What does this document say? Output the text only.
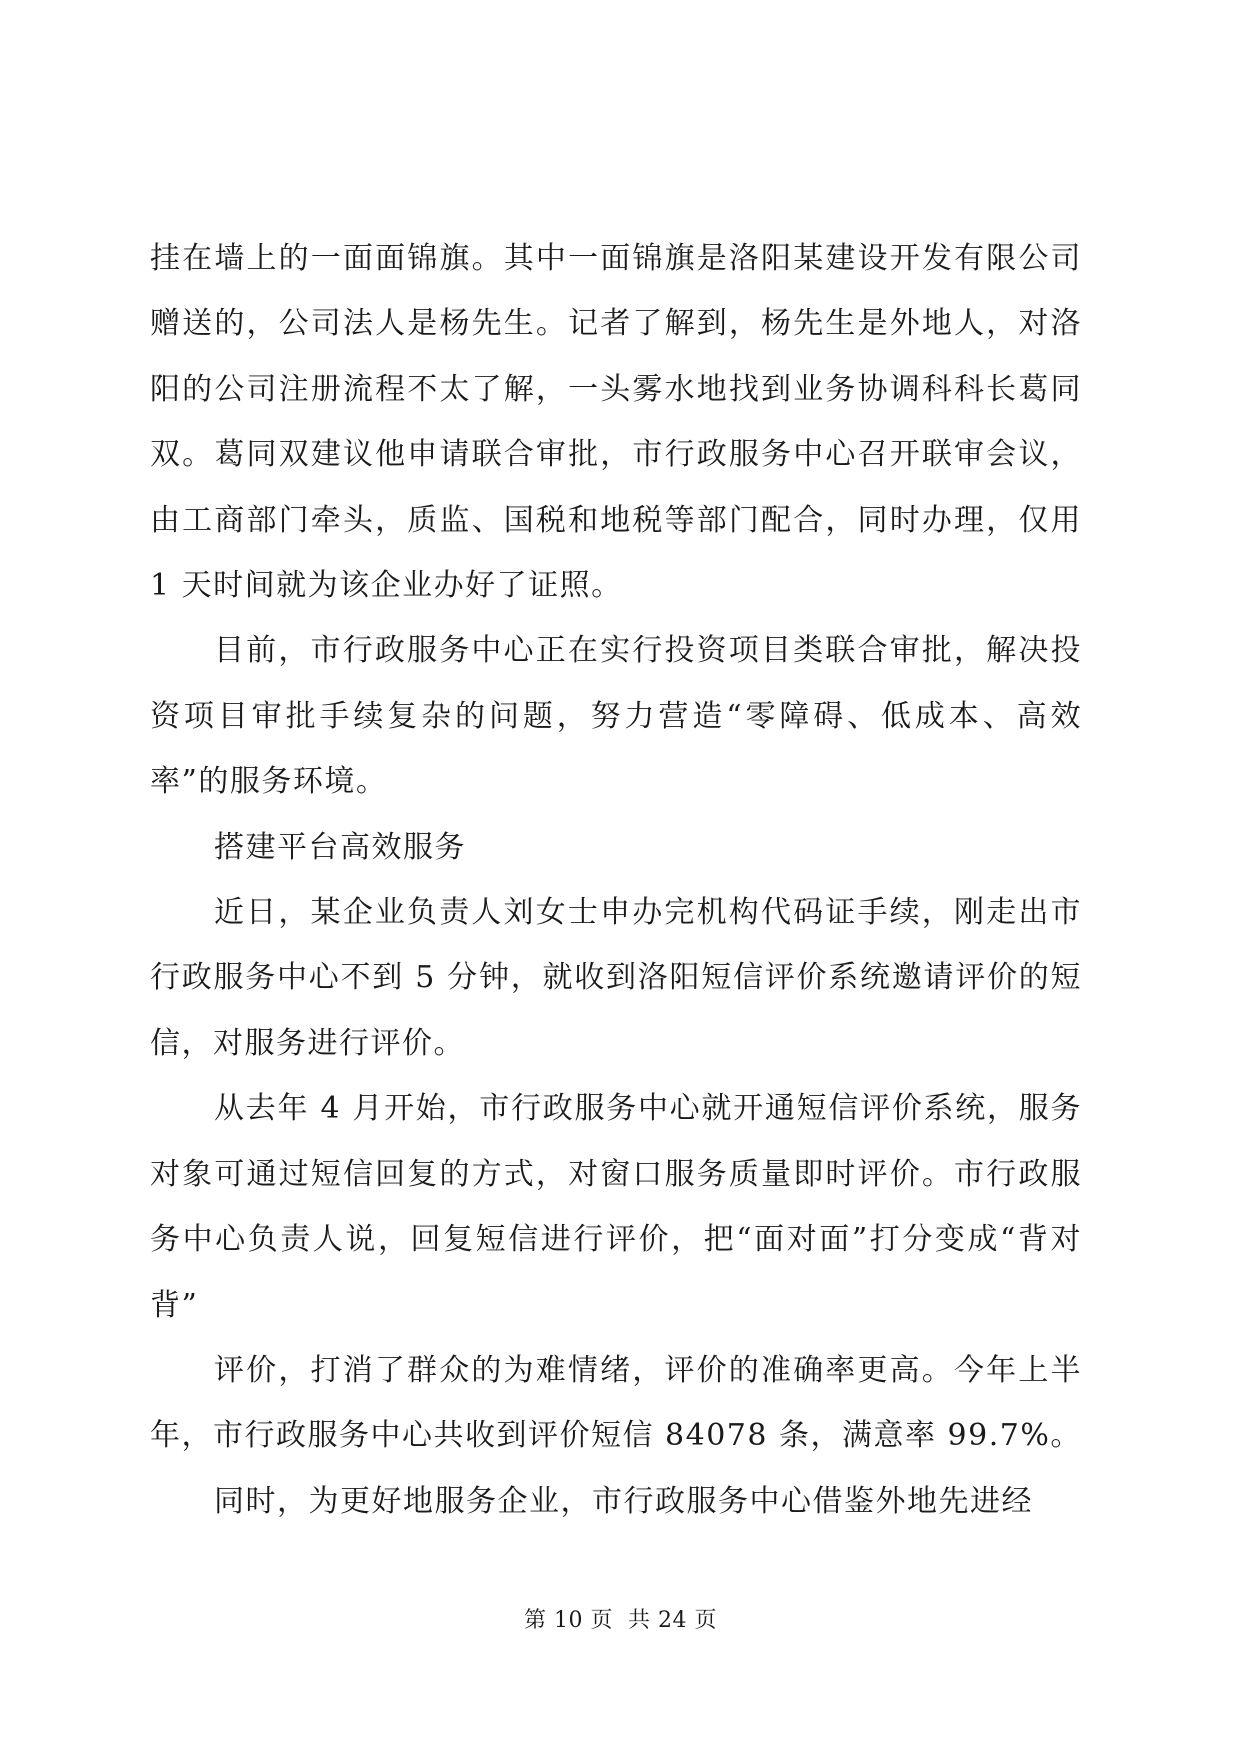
挂在墙上的一面面锦旗。其中一面锦旗是洛阳某建设开发有限公司赠送的，公司法人是杨先生。记者了解到，杨先生是外地人，对洛阳的公司注册流程不太了解，一头雾水地找到业务协调科科长葛同双。葛同双建议他申请联合审批，市行政服务中心召开联审会议，由工商部门牵头，质监、国税和地税等部门配合，同时办理，仅用 1 天时间就为该企业办好了证照。

目前，市行政服务中心正在实行投资项目类联合审批，解决投资项目审批手续复杂的问题，努力营造“零障碍、低成本、高效率”的服务环境。

搭建平台高效服务

近日，某企业负责人刘女士申办完机构代码证手续，刚走出市行政服务中心不到 5 分钟，就收到洛阳短信评价系统邀请评价的短信，对服务进行评价。

从去年 4 月开始，市行政服务中心就开通短信评价系统，服务对象可通过短信回复的方式，对窗口服务质量即时评价。市行政服务中心负责人说，回复短信进行评价，把“面对面”打分变成“背对背”

评价，打消了群众的为难情绪，评价的准确率更高。今年上半年，市行政服务中心共收到评价短信 84078 条，满意率 99.7%。

同时，为更好地服务企业，市行政服务中心借鉴外地先进经

第 10 页  共 24 页
